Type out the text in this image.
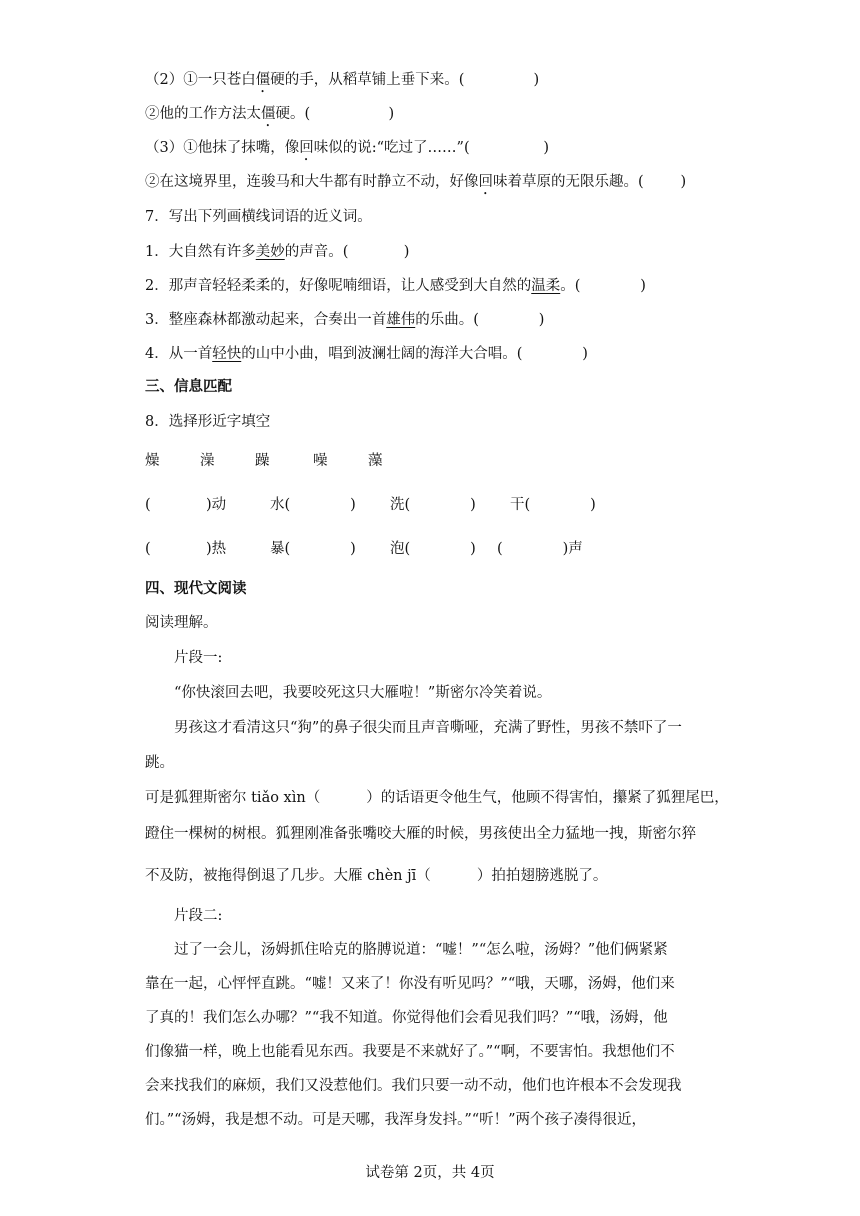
（2）①一只苍白僵硬的手，从稻草铺上垂下来。(               )
②他的工作方法太僵硬。(                 )
（3）①他抹了抹嘴，像回味似的说:“吃过了……”(                )
②在这境界里，连骏马和大牛都有时静立不动，好像回味着草原的无限乐趣。(        )
7．写出下列画横线词语的近义词。
1．大自然有许多美妙的声音。(            )
2．那声音轻轻柔柔的，好像呢喃细语，让人感受到大自然的温柔。(             )
3．整座森林都激动起来，合奏出一首雄伟的乐曲。(             )
4．从一首轻快的山中小曲，唱到波澜壮阔的海洋大合唱。(             )
三、信息匹配
8．选择形近字填空
燥	澡	躁	噪	藻
(            )动	水(             ) 洗(             ) 干(             )
(            )热	暴(             ) 泡(             ) (             )声
四、现代文阅读
阅读理解。
片段一:
“你快滚回去吧，我要咬死这只大雁啦！”斯密尔冷笑着说。
男孩这才看清这只“狗”的鼻子很尖而且声音嘶哑，充满了野性，男孩不禁吓了一
跳。
可是狐狸斯密尔 tiǎo xìn（          ）的话语更令他生气，他顾不得害怕，攥紧了狐狸尾巴，
蹬住一棵树的树根。狐狸刚准备张嘴咬大雁的时候，男孩使出全力猛地一拽，斯密尔猝
不及防，被拖得倒退了几步。大雁 chèn jī（          ）拍拍翅膀逃脱了。
片段二:
过了一会儿，汤姆抓住哈克的胳膊说道：“嘘！”“怎么啦，汤姆？”他们俩紧紧
靠在一起，心怦怦直跳。“嘘！又来了！你没有听见吗？”“哦，天哪，汤姆，他们来
了真的！我们怎么办哪？”“我不知道。你觉得他们会看见我们吗？”“哦，汤姆，他
们像猫一样，晚上也能看见东西。我要是不来就好了。”“啊，不要害怕。我想他们不
会来找我们的麻烦，我们又没惹他们。我们只要一动不动，他们也许根本不会发现我
们。”“汤姆，我是想不动。可是天哪，我浑身发抖。”“听！”两个孩子凑得很近，
试卷第 2页，共 4页
